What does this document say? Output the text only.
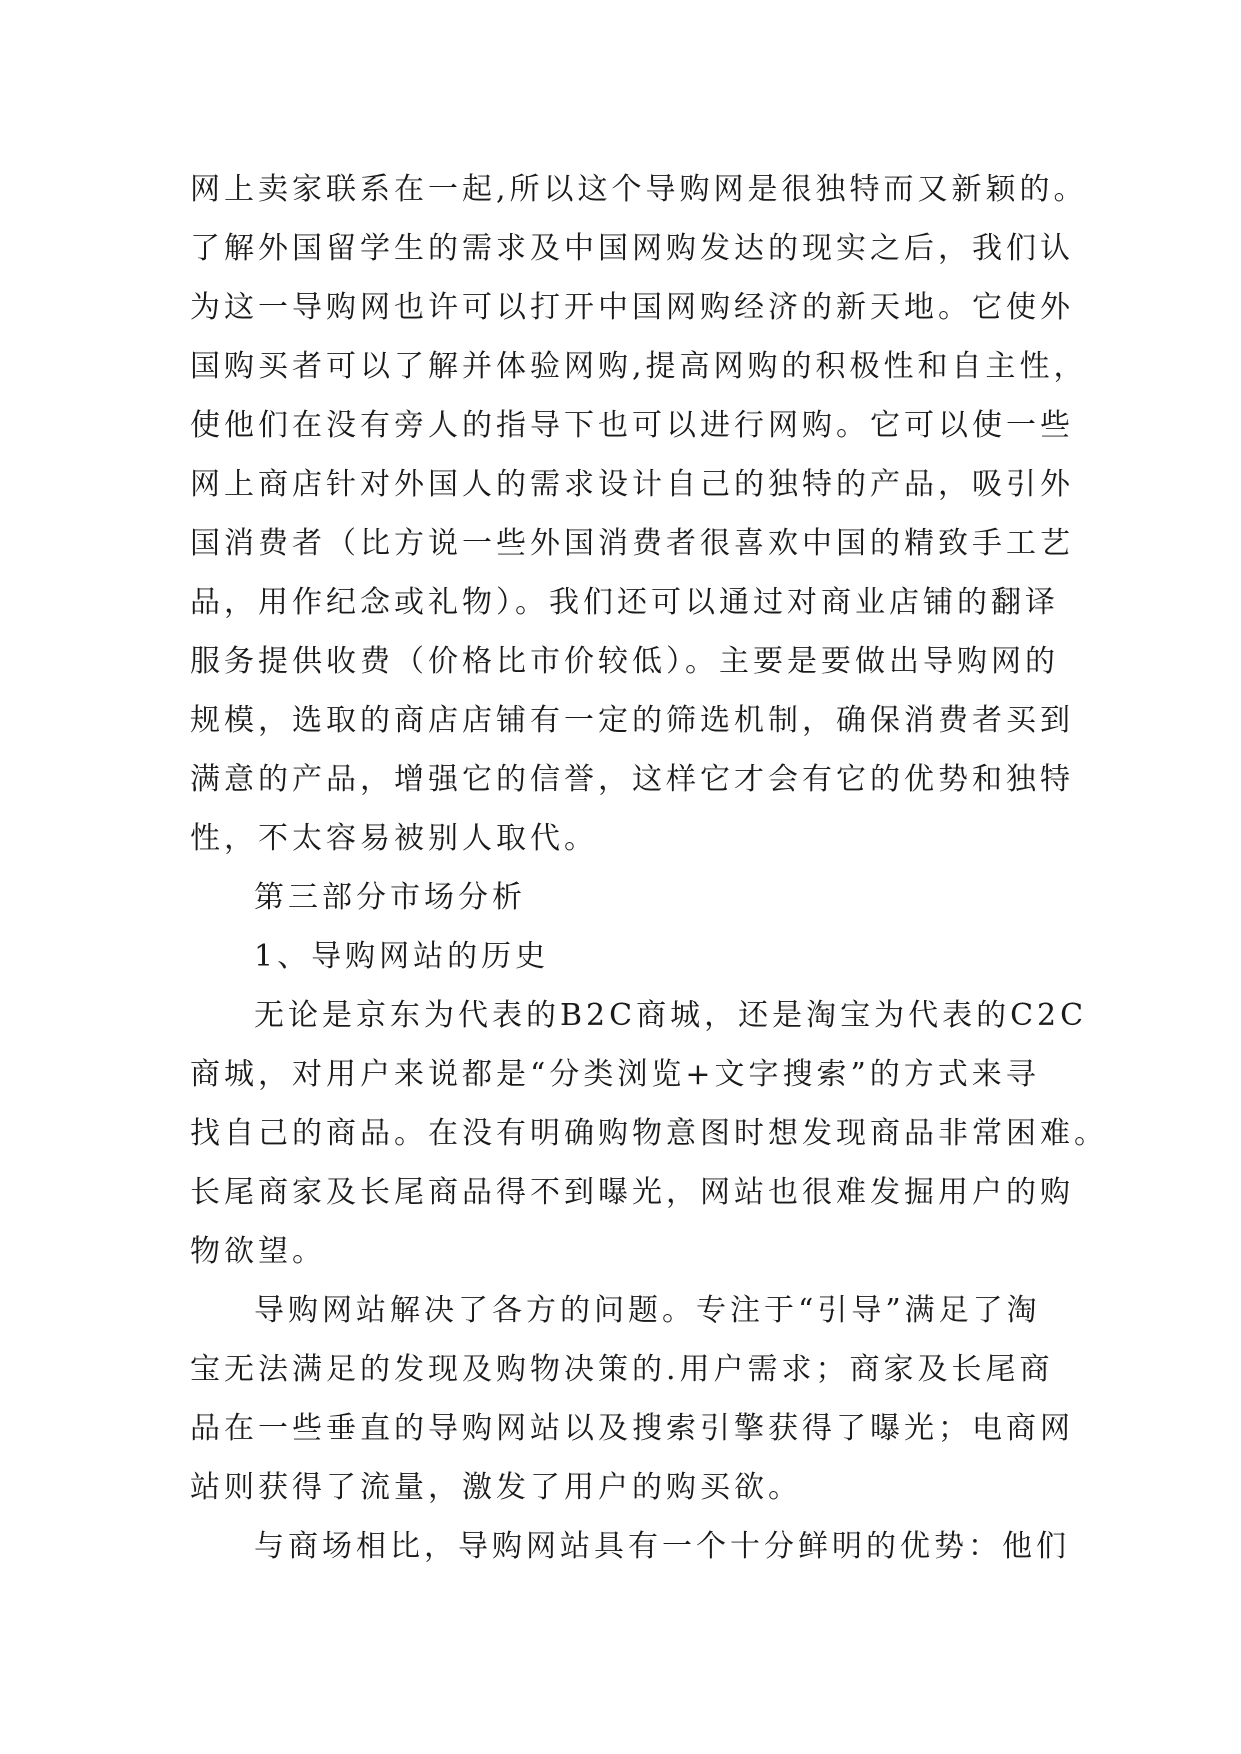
网上卖家联系在一起,所以这个导购网是很独特而又新颖的。
了解外国留学生的需求及中国网购发达的现实之后，我们认
为这一导购网也许可以打开中国网购经济的新天地。它使外
国购买者可以了解并体验网购,提高网购的积极性和自主性，
使他们在没有旁人的指导下也可以进行网购。它可以使一些
网上商店针对外国人的需求设计自己的独特的产品，吸引外
国消费者（比方说一些外国消费者很喜欢中国的精致手工艺
品，用作纪念或礼物）。我们还可以通过对商业店铺的翻译
服务提供收费（价格比市价较低）。主要是要做出导购网的
规模，选取的商店店铺有一定的筛选机制，确保消费者买到
满意的产品，增强它的信誉，这样它才会有它的优势和独特
性，不太容易被别人取代。
第三部分市场分析
1、导购网站的历史
无论是京东为代表的B2C商城，还是淘宝为代表的C2C
商城，对用户来说都是“分类浏览+文字搜索”的方式来寻
找自己的商品。在没有明确购物意图时想发现商品非常困难。
长尾商家及长尾商品得不到曝光，网站也很难发掘用户的购
物欲望。
导购网站解决了各方的问题。专注于“引导”满足了淘
宝无法满足的发现及购物决策的.用户需求；商家及长尾商
品在一些垂直的导购网站以及搜索引擎获得了曝光；电商网
站则获得了流量，激发了用户的购买欲。
与商场相比，导购网站具有一个十分鲜明的优势：他们
